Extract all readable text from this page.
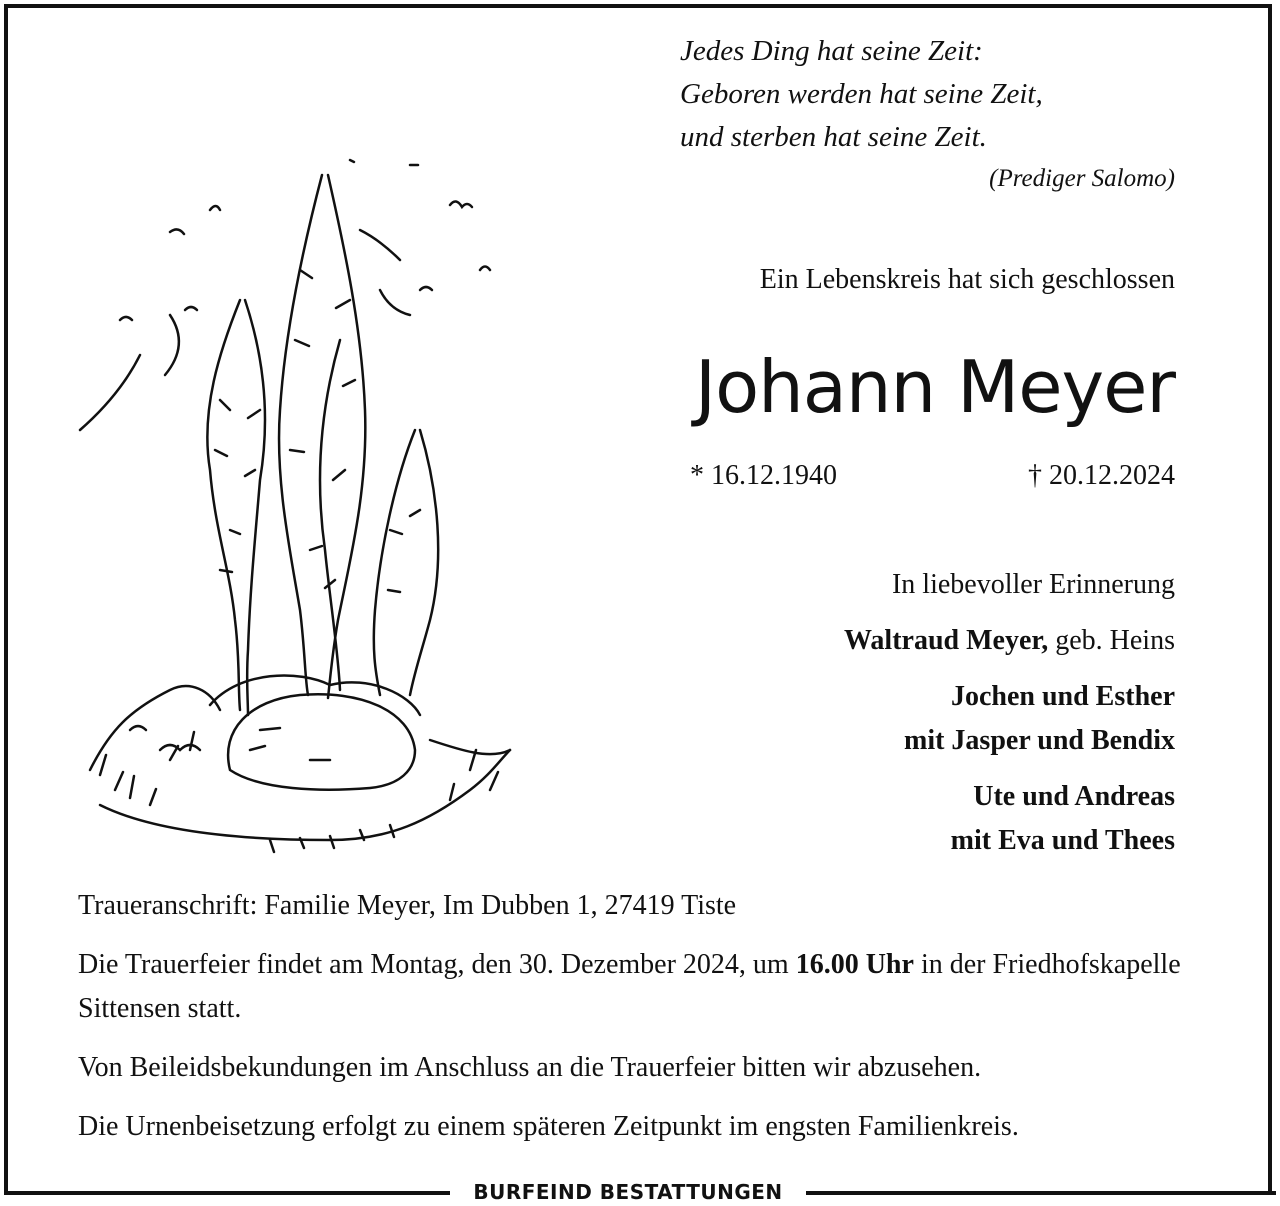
BURFEIND BESTATTUNGEN
Jedes Ding hat seine Zeit:
Geboren werden hat seine Zeit,
und sterben hat seine Zeit.
(Prediger Salomo)
Ein Lebenskreis hat sich geschlossen
Johann Meyer
* 16.12.1940	† 20.12.2024
In liebevoller Erinnerung
Waltraud Meyer, geb. Heins
Jochen und Esther
mit Jasper und Bendix
Ute und Andreas
mit Eva und Thees

Traueranschrift: Familie Meyer, Im Dubben 1, 27419 Tiste

Die Trauerfeier findet am Montag, den 30. Dezember 2024, um 16.00 Uhr in der Friedhofskapelle Sittensen statt.

Von Beileidsbekundungen im Anschluss an die Trauerfeier bitten wir abzusehen.

Die Urnenbeisetzung erfolgt zu einem späteren Zeitpunkt im engsten Familienkreis.
